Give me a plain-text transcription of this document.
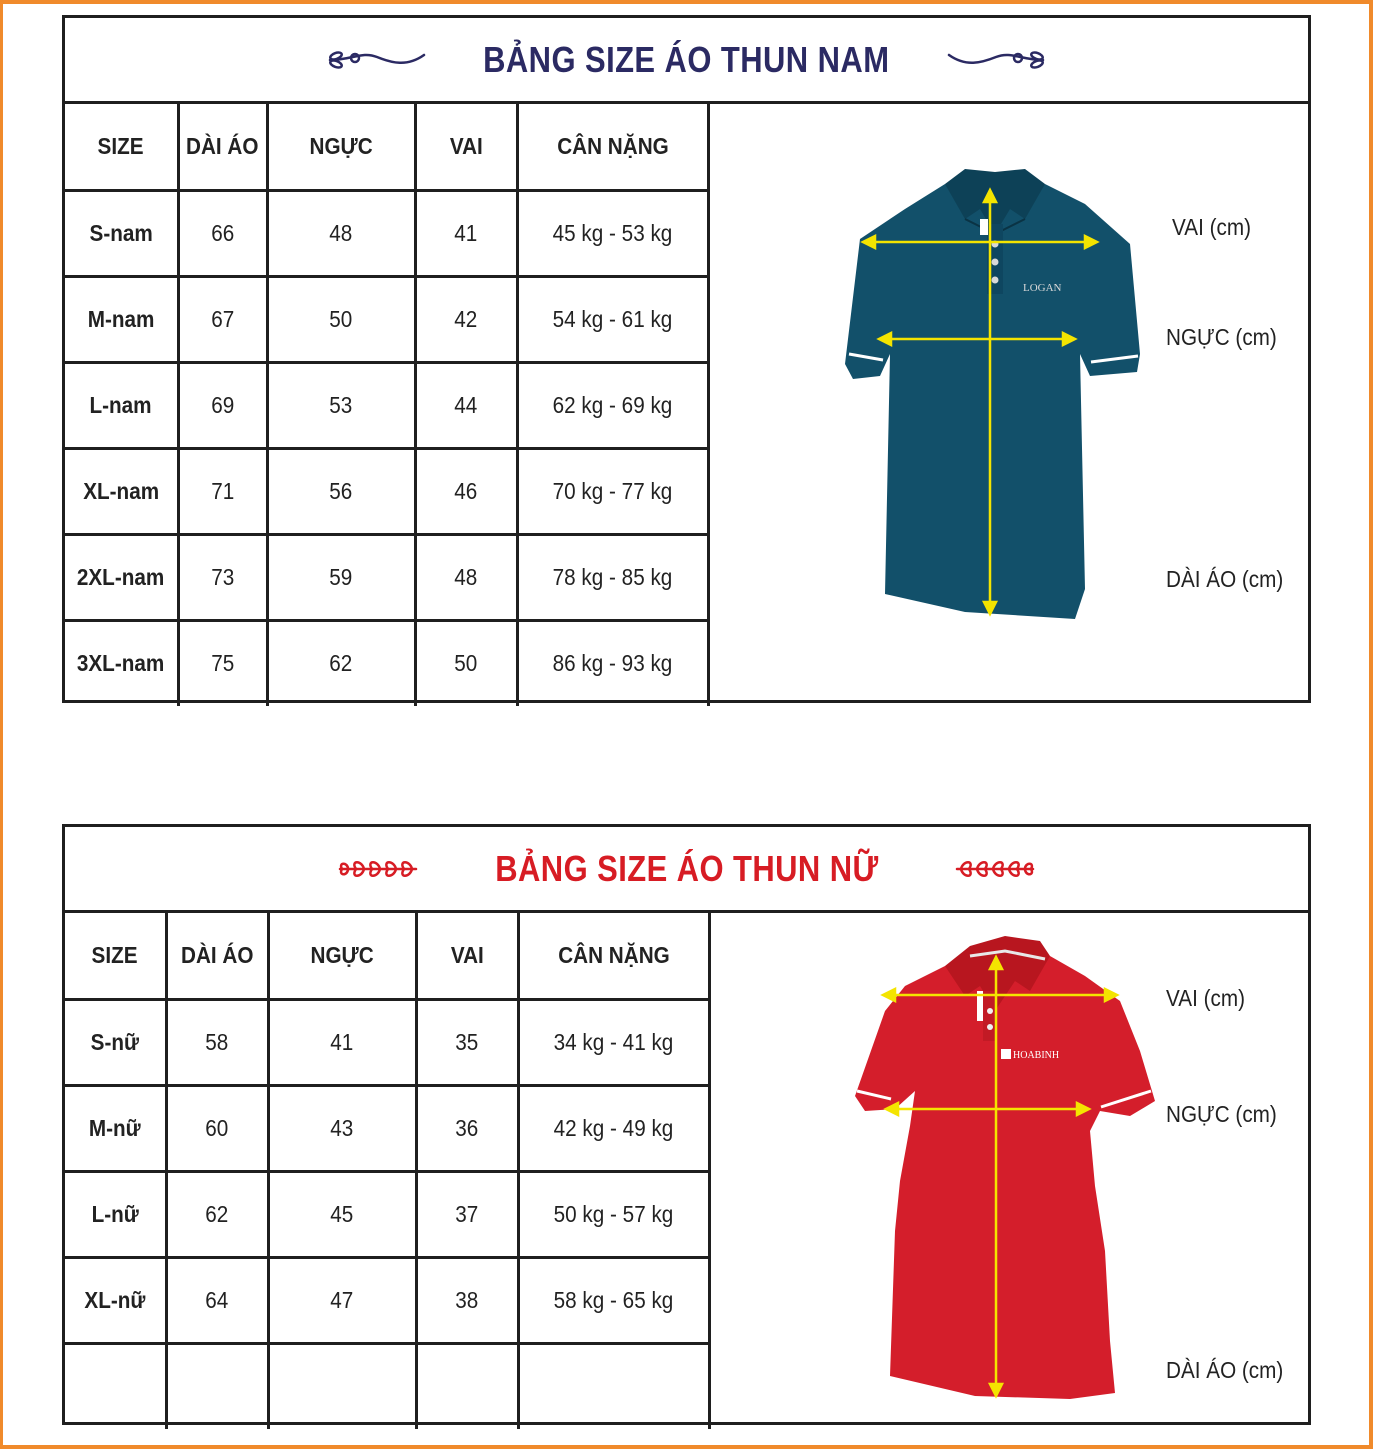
BẢNG SIZE ÁO THUN NAM
SIZE	DÀI ÁO	NGỰC	VAI	CÂN NẶNG
S-nam	66	48	41	45 kg - 53 kg
M-nam	67	50	42	54 kg - 61 kg
L-nam	69	53	44	62 kg - 69 kg
XL-nam	71	56	46	70 kg - 77 kg
2XL-nam	73	59	48	78 kg - 85 kg
3XL-nam	75	62	50	86 kg - 93 kg
LOGAN
VAI (cm)
NGỰC (cm)
DÀI ÁO (cm)
BẢNG SIZE ÁO THUN NỮ
SIZE	DÀI ÁO	NGỰC	VAI	CÂN NẶNG
S-nữ	58	41	35	34 kg - 41 kg
M-nữ	60	43	36	42 kg - 49 kg
L-nữ	62	45	37	50 kg - 57 kg
XL-nữ	64	47	38	58 kg - 65 kg

HOABINH
VAI (cm)
NGỰC (cm)
DÀI ÁO (cm)
